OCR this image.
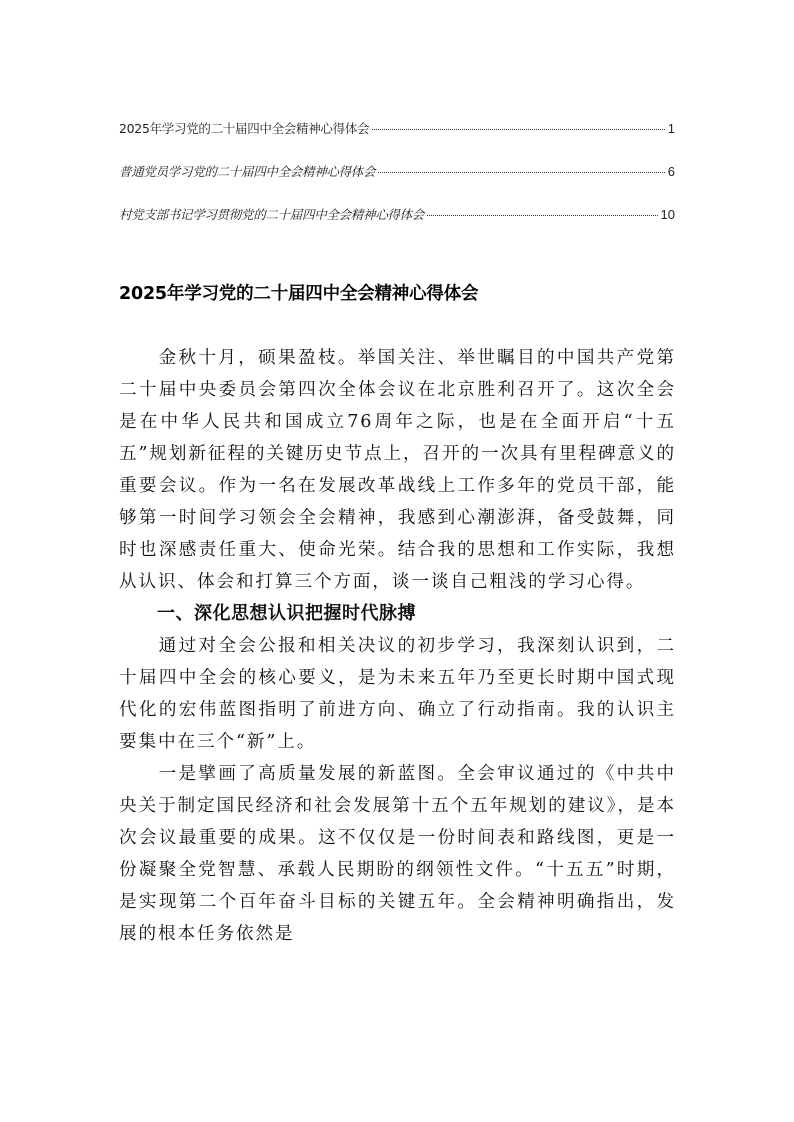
2025年学习党的二十届四中全会精神心得体会	1
普通党员学习党的二十届四中全会精神心得体会	6
村党支部书记学习贯彻党的二十届四中全会精神心得体会	10
2025年学习党的二十届四中全会精神心得体会

金秋十月，硕果盈枝。举国关注、举世瞩目的中国共产党第二十届中央委员会第四次全体会议在北京胜利召开了。这次全会是在中华人民共和国成立76周年之际，也是在全面开启“十五五”规划新征程的关键历史节点上，召开的一次具有里程碑意义的重要会议。作为一名在发展改革战线上工作多年的党员干部，能够第一时间学习领会全会精神，我感到心潮澎湃，备受鼓舞，同时也深感责任重大、使命光荣。结合我的思想和工作实际，我想从认识、体会和打算三个方面，谈一谈自己粗浅的学习心得。

一、深化思想认识把握时代脉搏

通过对全会公报和相关决议的初步学习，我深刻认识到，二十届四中全会的核心要义，是为未来五年乃至更长时期中国式现代化的宏伟蓝图指明了前进方向、确立了行动指南。我的认识主要集中在三个“新”上。

一是擘画了高质量发展的新蓝图。全会审议通过的《中共中央关于制定国民经济和社会发展第十五个五年规划的建议》，是本次会议最重要的成果。这不仅仅是一份时间表和路线图，更是一份凝聚全党智慧、承载人民期盼的纲领性文件。“十五五”时期，是实现第二个百年奋斗目标的关键五年。全会精神明确指出，发展的根本任务依然是
